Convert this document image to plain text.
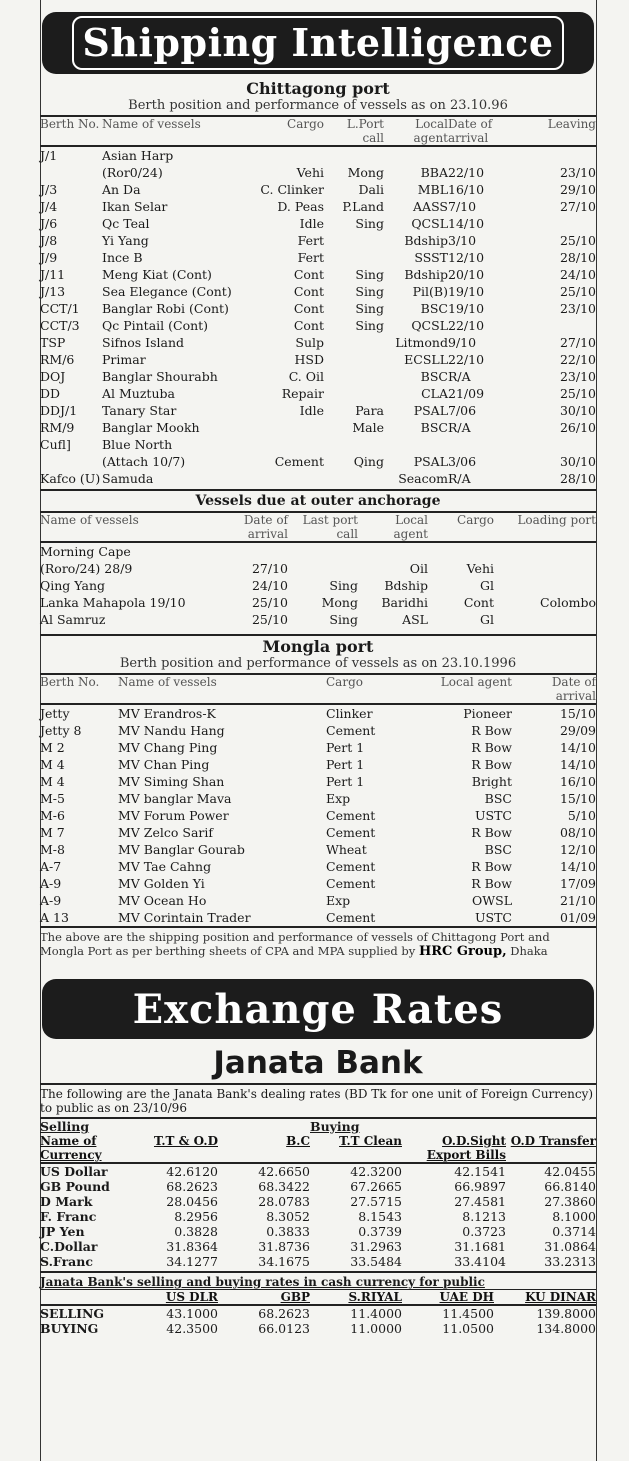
Shipping Intelligence
Chittagong port
Berth position and performance of vessels as on 23.10.96
Berth No.	Name of vessels	Cargo	L.Port call	Local agent	Date of arrival	Leaving
J/1	Asian Harp					
	(Ror0/24)	Vehi	Mong	BBA	22/10	23/10
J/3	An Da	C. Clinker	Dali	MBL	16/10	29/10
J/4	Ikan Selar	D. Peas	P.Land	AASS	7/10	27/10
J/6	Qc Teal	Idle	Sing	QCSL	14/10	
J/8	Yi Yang	Fert		Bdship	3/10	25/10
J/9	Ince B	Fert		SSST	12/10	28/10
J/11	Meng Kiat (Cont)	Cont	Sing	Bdship	20/10	24/10
J/13	Sea Elegance (Cont)	Cont	Sing	Pil(B)	19/10	25/10
CCT/1	Banglar Robi (Cont)	Cont	Sing	BSC	19/10	23/10
CCT/3	Qc Pintail (Cont)	Cont	Sing	QCSL	22/10	
TSP	Sifnos Island	Sulp		Litmond	9/10	27/10
RM/6	Primar	HSD		ECSLL	22/10	22/10
DOJ	Banglar Shourabh	C. Oil		BSC	R/A	23/10
DD	Al Muztuba	Repair		CLA	21/09	25/10
DDJ/1	Tanary Star	Idle	Para	PSAL	7/06	30/10
RM/9	Banglar Mookh		Male	BSC	R/A	26/10
Cufl]	Blue North					
	(Attach 10/7)	Cement	Qing	PSAL	3/06	30/10
Kafco (U)	Samuda			Seacom	R/A	28/10
Vessels due at outer anchorage
Name of vessels	Date of arrival	Last port call	Local agent	Cargo	Loading port
Morning Cape					
(Roro/24) 28/9	27/10		Oil	Vehi	
Qing Yang	24/10	Sing	Bdship	Gl	
Lanka Mahapola 19/10	25/10	Mong	Baridhi	Cont	Colombo
Al Samruz	25/10	Sing	ASL	Gl	
Mongla port
Berth position and performance of vessels as on 23.10.1996
Berth No.	Name of vessels	Cargo	Local agent	Date of arrival
Jetty	MV Erandros-K	Clinker	Pioneer	15/10
Jetty 8	MV Nandu Hang	Cement	R Bow	29/09
M 2	MV Chang Ping	Pert 1	R Bow	14/10
M 4	MV Chan Ping	Pert 1	R Bow	14/10
M 4	MV Siming Shan	Pert 1	Bright	16/10
M-5	MV banglar Mava	Exp	BSC	15/10
M-6	MV Forum Power	Cement	USTC	5/10
M 7	MV Zelco Sarif	Cement	R Bow	08/10
M-8	MV Banglar Gourab	Wheat	BSC	12/10
A-7	MV Tae Cahng	Cement	R Bow	14/10
A-9	MV Golden Yi	Cement	R Bow	17/09
A-9	MV Ocean Ho	Exp	OWSL	21/10
A 13	MV Corintain Trader	Cement	USTC	01/09
The above are the shipping position and performance of vessels of Chittagong Port and Mongla Port as per berthing sheets of CPA and MPA supplied by HRC Group, Dhaka
Exchange Rates
Janata Bank
The following are the Janata Bank's dealing rates (BD Tk for one unit of Foreign Currency) to public as on 23/10/96
Selling			Buying		
Name of Currency	T.T & O.D	B.C	T.T Clean	O.D.Sight Export Bills	O.D Transfer
US Dollar	42.6120	42.6650	42.3200	42.1541	42.0455
GB Pound	68.2623	68.3422	67.2665	66.9897	66.8140
D Mark	28.0456	28.0783	27.5715	27.4581	27.3860
F. Franc	8.2956	8.3052	8.1543	8.1213	8.1000
JP Yen	0.3828	0.3833	0.3739	0.3723	0.3714
C.Dollar	31.8364	31.8736	31.2963	31.1681	31.0864
S.Franc	34.1277	34.1675	33.5484	33.4104	33.2313
Janata Bank's selling and buying rates in cash currency for public
	US DLR	GBP	S.RIYAL	UAE DH	KU DINAR
SELLING	43.1000	68.2623	11.4000	11.4500	139.8000
BUYING	42.3500	66.0123	11.0000	11.0500	134.8000
